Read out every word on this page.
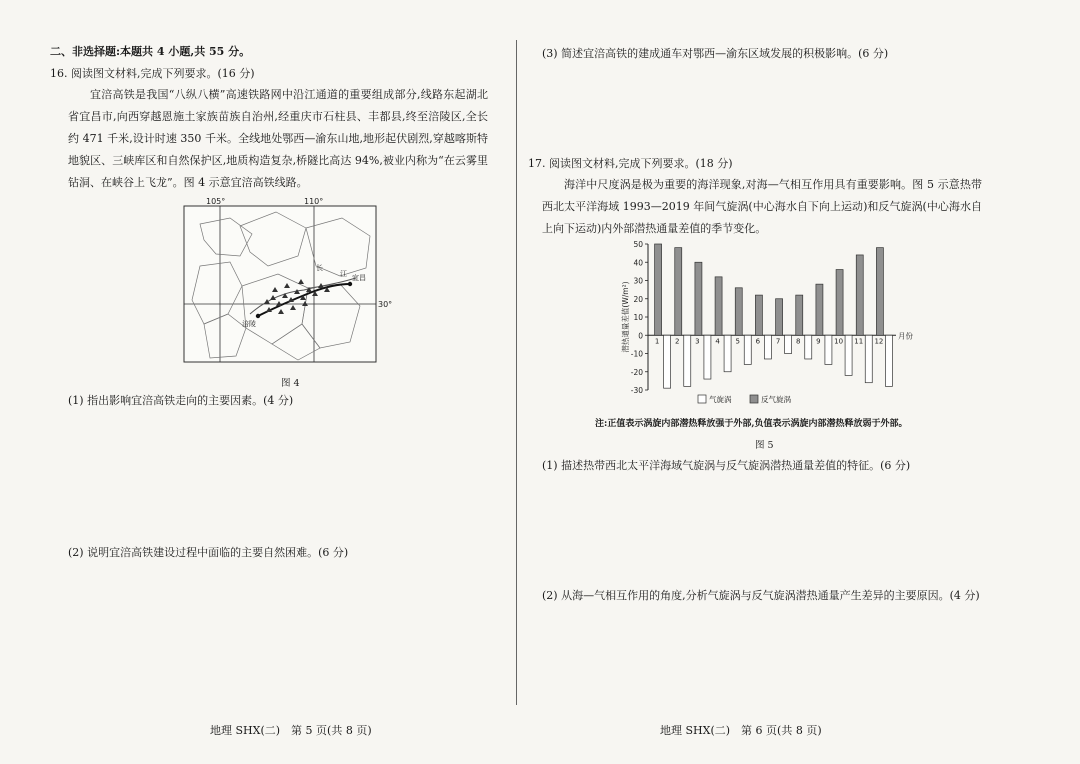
二、非选择题:本题共 4 小题,共 55 分。
16. 阅读图文材料,完成下列要求。(16 分)
宜涪高铁是我国“八纵八横”高速铁路网中沿江通道的重要组成部分,线路东起湖北省宜昌市,向西穿越恩施土家族苗族自治州,经重庆市石柱县、丰都县,终至涪陵区,全长约 471 千米,设计时速 350 千米。全线地处鄂西—渝东山地,地形起伏剧烈,穿越喀斯特地貌区、三峡库区和自然保护区,地质构造复杂,桥隧比高达 94%,被业内称为“在云雾里钻洞、在峡谷上飞龙”。图 4 示意宜涪高铁线路。
105°	110°
30°
长
江 宜昌
涪陵
图 4
(1) 指出影响宜涪高铁走向的主要因素。(4 分)
(2) 说明宜涪高铁建设过程中面临的主要自然困难。(6 分)
地理 SHX(二)　第 5 页(共 8 页)
(3) 简述宜涪高铁的建成通车对鄂西—渝东区域发展的积极影响。(6 分)
17. 阅读图文材料,完成下列要求。(18 分)
海洋中尺度涡是极为重要的海洋现象,对海—气相互作用具有重要影响。图 5 示意热带西北太平洋海域 1993—2019 年间气旋涡(中心海水自下向上运动)和反气旋涡(中心海水自上向下运动)内外部潜热通量差值的季节变化。
50
40
30
20
10
0
-10
-20
-30
潜热通量差值(W/m²)	1 2 3 4 5 6 7 8 9 10 11 12
月份
气旋涡	反气旋涡
注:正值表示涡旋内部潜热释放强于外部,负值表示涡旋内部潜热释放弱于外部。
图 5
(1) 描述热带西北太平洋海域气旋涡与反气旋涡潜热通量差值的特征。(6 分)
(2) 从海—气相互作用的角度,分析气旋涡与反气旋涡潜热通量产生差异的主要原因。(4 分)
地理 SHX(二)　第 6 页(共 8 页)
